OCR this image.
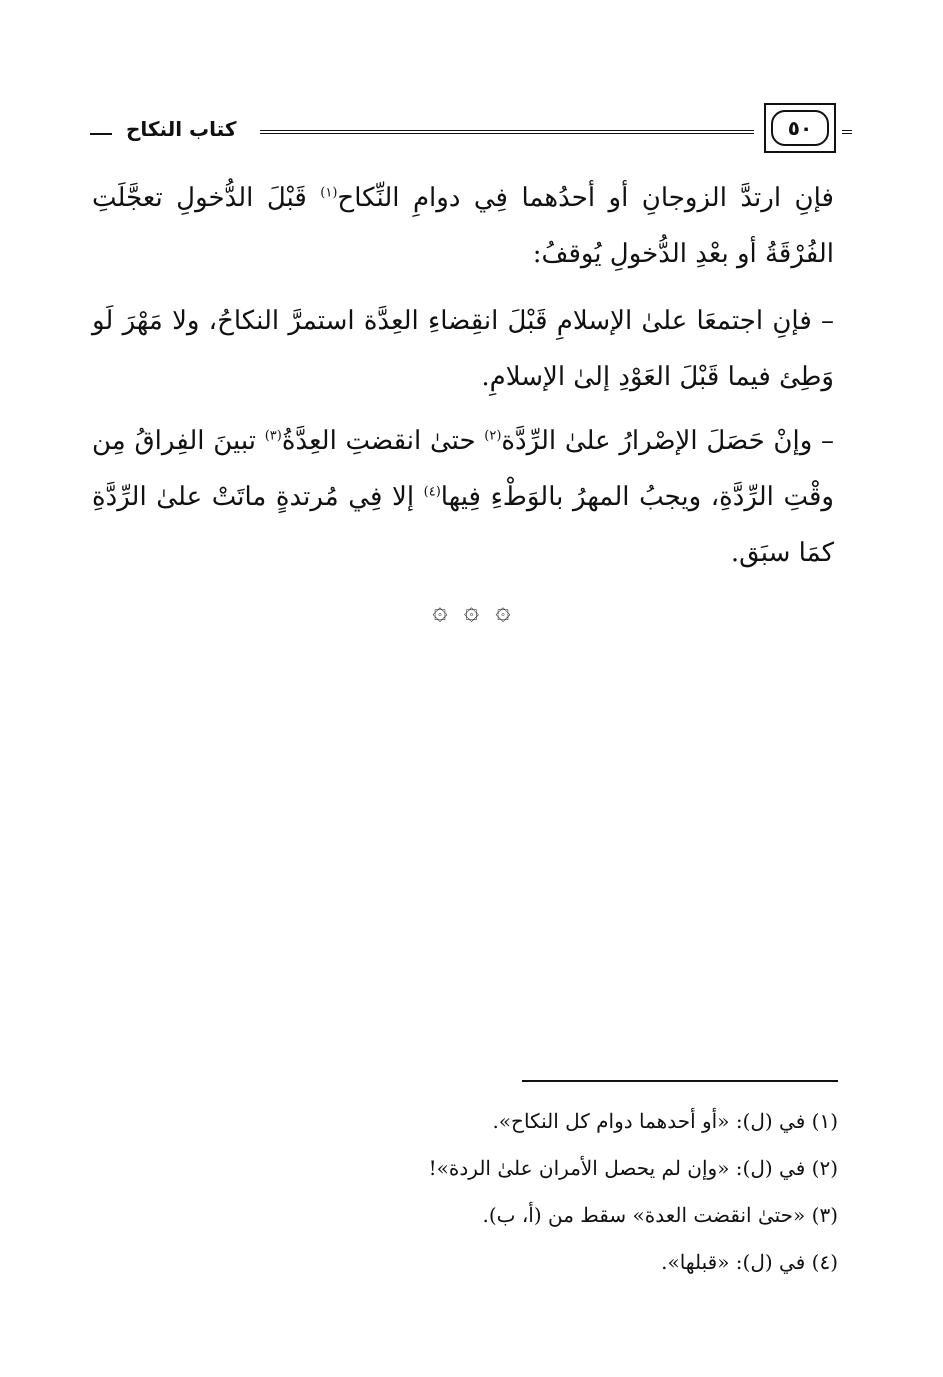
٥٠
كتاب النكاح

فإنِ ارتدَّ الزوجانِ أو أحدُهما فِي دوامِ النِّكاح$^{(١)}$ قَبْلَ الدُّخولِ تعجَّلَتِ الفُرْقَةُ أو بعْدِ الدُّخولِ يُوقفُ:

– فإنِ اجتمعَا علىٰ الإسلامِ قَبْلَ انقِضاءِ العِدَّة استمرَّ النكاحُ، ولا مَهْرَ لَو وَطِئ فيما قَبْلَ العَوْدِ إلىٰ الإسلامِ.

– وإنْ حَصَلَ الإصْرارُ علىٰ الرِّدَّة$^{(٢)}$ حتىٰ انقضتِ العِدَّةُ$^{(٣)}$ تبينَ الفِراقُ مِن وقْتِ الرِّدَّةِ، ويجبُ المهرُ بالوَطْءِ فِيها$^{(٤)}$ إلا فِي مُرتدةٍ ماتَتْ علىٰ الرِّدَّةِ كمَا سبَق.

۞ ۞ ۞

(١) في (ل): «أو أحدهما دوام كل النكاح».

(٢) في (ل): «وإن لم يحصل الأمران علىٰ الردة»!

(٣) «حتىٰ انقضت العدة» سقط من (أ، ب).

(٤) في (ل): «قبلها».
